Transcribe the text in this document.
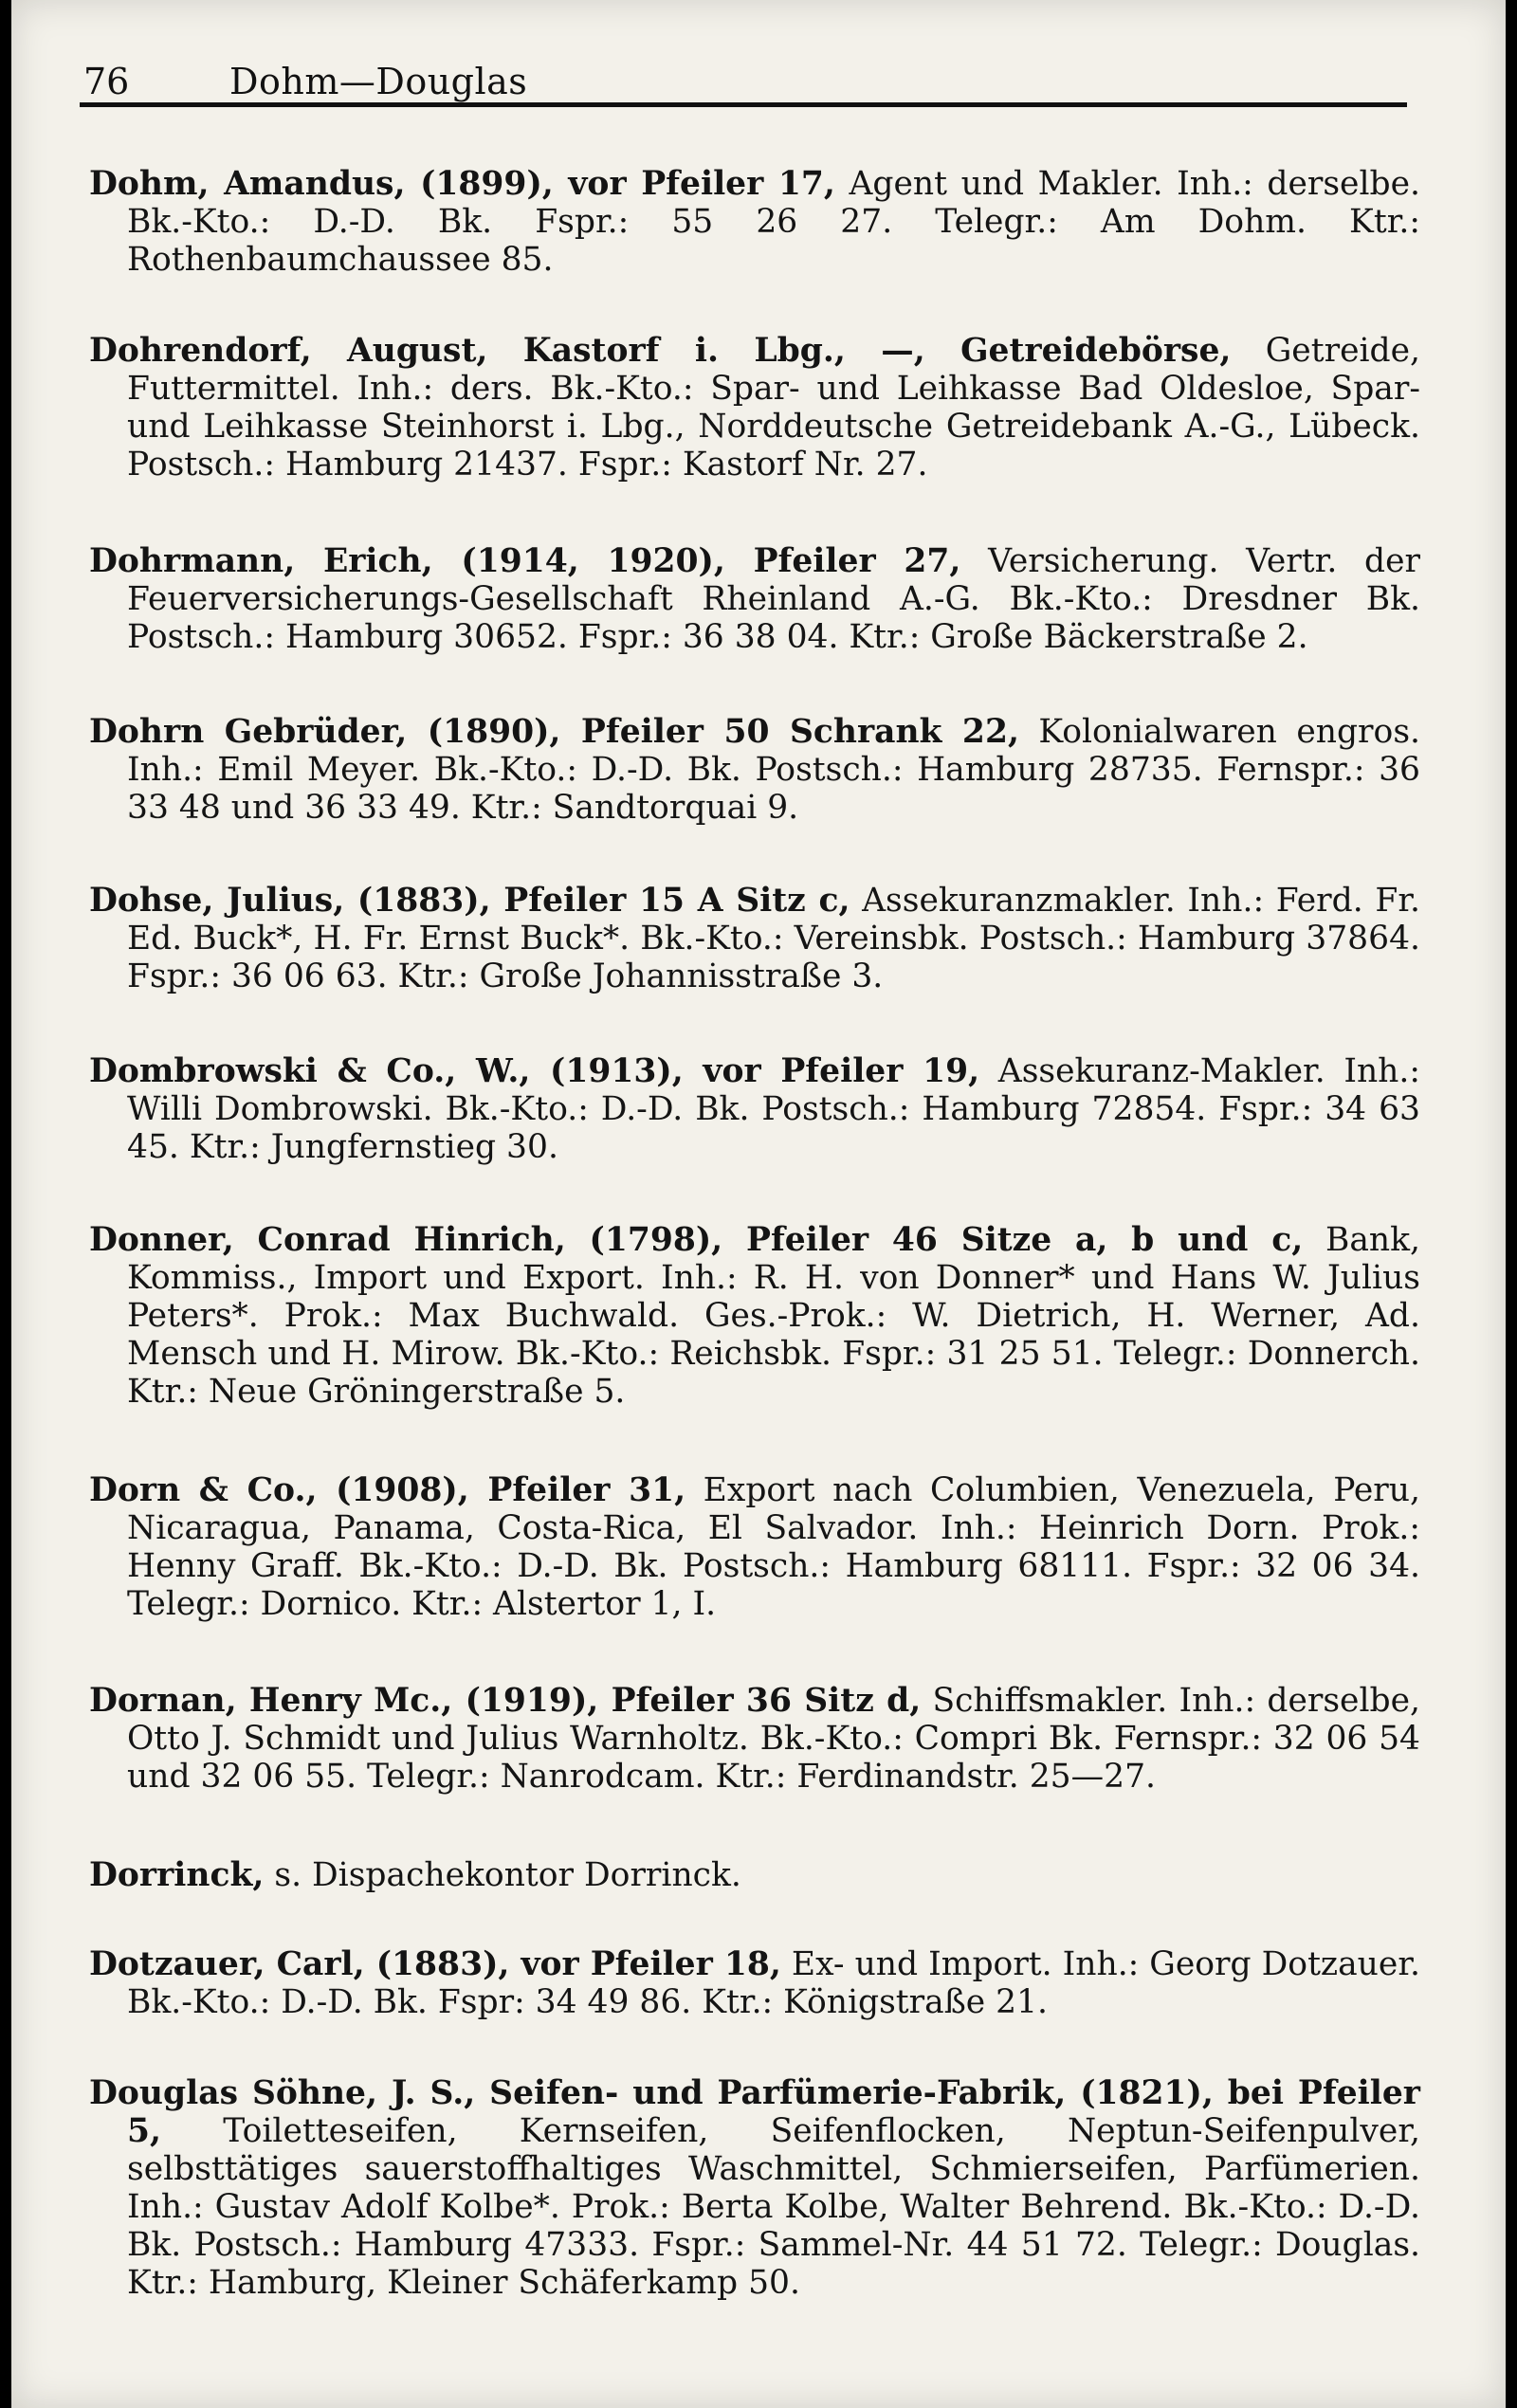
76	Dohm—Douglas
Dohm, Amandus, (1899), vor Pfeiler 17, Agent und Makler. Inh.: derselbe. Bk.-Kto.: D.-D. Bk. Fspr.: 55 26 27. Telegr.: Am Dohm. Ktr.: Rothenbaumchaussee 85.
Dohrendorf, August, Kastorf i. Lbg., —, Getreidebörse, Getreide, Futtermittel. Inh.: ders. Bk.-Kto.: Spar- und Leihkasse Bad Oldesloe, Spar- und Leihkasse Steinhorst i. Lbg., Norddeutsche Getreidebank A.-G., Lübeck. Postsch.: Hamburg 21437. Fspr.: Kastorf Nr. 27.
Dohrmann, Erich, (1914, 1920), Pfeiler 27, Versicherung. Vertr. der Feuerversicherungs-Gesellschaft Rheinland A.-G. Bk.-Kto.: Dresdner Bk. Postsch.: Hamburg 30652. Fspr.: 36 38 04. Ktr.: Große Bäckerstraße 2.
Dohrn Gebrüder, (1890), Pfeiler 50 Schrank 22, Kolonialwaren engros. Inh.: Emil Meyer. Bk.-Kto.: D.-D. Bk. Postsch.: Hamburg 28735. Fernspr.: 36 33 48 und 36 33 49. Ktr.: Sandtorquai 9.
Dohse, Julius, (1883), Pfeiler 15 A Sitz c, Assekuranzmakler. Inh.: Ferd. Fr. Ed. Buck*, H. Fr. Ernst Buck*. Bk.-Kto.: Vereinsbk. Postsch.: Hamburg 37864. Fspr.: 36 06 63. Ktr.: Große Johannisstraße 3.
Dombrowski & Co., W., (1913), vor Pfeiler 19, Assekuranz-Makler. Inh.: Willi Dombrowski. Bk.-Kto.: D.-D. Bk. Postsch.: Hamburg 72854. Fspr.: 34 63 45. Ktr.: Jungfernstieg 30.
Donner, Conrad Hinrich, (1798), Pfeiler 46 Sitze a, b und c, Bank, Kommiss., Import und Export. Inh.: R. H. von Donner* und Hans W. Julius Peters*. Prok.: Max Buchwald. Ges.-Prok.: W. Dietrich, H. Werner, Ad. Mensch und H. Mirow. Bk.-Kto.: Reichsbk. Fspr.: 31 25 51. Telegr.: Donnerch. Ktr.: Neue Gröningerstraße 5.
Dorn & Co., (1908), Pfeiler 31, Export nach Columbien, Venezuela, Peru, Nicaragua, Panama, Costa-Rica, El Salvador. Inh.: Heinrich Dorn. Prok.: Henny Graff. Bk.-Kto.: D.-D. Bk. Postsch.: Hamburg 68111. Fspr.: 32 06 34. Telegr.: Dornico. Ktr.: Alstertor 1, I.
Dornan, Henry Mc., (1919), Pfeiler 36 Sitz d, Schiffsmakler. Inh.: derselbe, Otto J. Schmidt und Julius Warnholtz. Bk.-Kto.: Compri Bk. Fernspr.: 32 06 54 und 32 06 55. Telegr.: Nanrodcam. Ktr.: Ferdinandstr. 25—27.
Dorrinck, s. Dispachekontor Dorrinck.
Dotzauer, Carl, (1883), vor Pfeiler 18, Ex- und Import. Inh.: Georg Dotzauer. Bk.-Kto.: D.-D. Bk. Fspr: 34 49 86. Ktr.: Königstraße 21.
Douglas Söhne, J. S., Seifen- und Parfümerie-Fabrik, (1821), bei Pfeiler 5, Toiletteseifen, Kernseifen, Seifenflocken, Neptun-Seifenpulver, selbsttätiges sauerstoffhaltiges Waschmittel, Schmierseifen, Parfümerien. Inh.: Gustav Adolf Kolbe*. Prok.: Berta Kolbe, Walter Behrend. Bk.-Kto.: D.-D. Bk. Postsch.: Hamburg 47333. Fspr.: Sammel-Nr. 44 51 72. Telegr.: Douglas. Ktr.: Hamburg, Kleiner Schäferkamp 50.
